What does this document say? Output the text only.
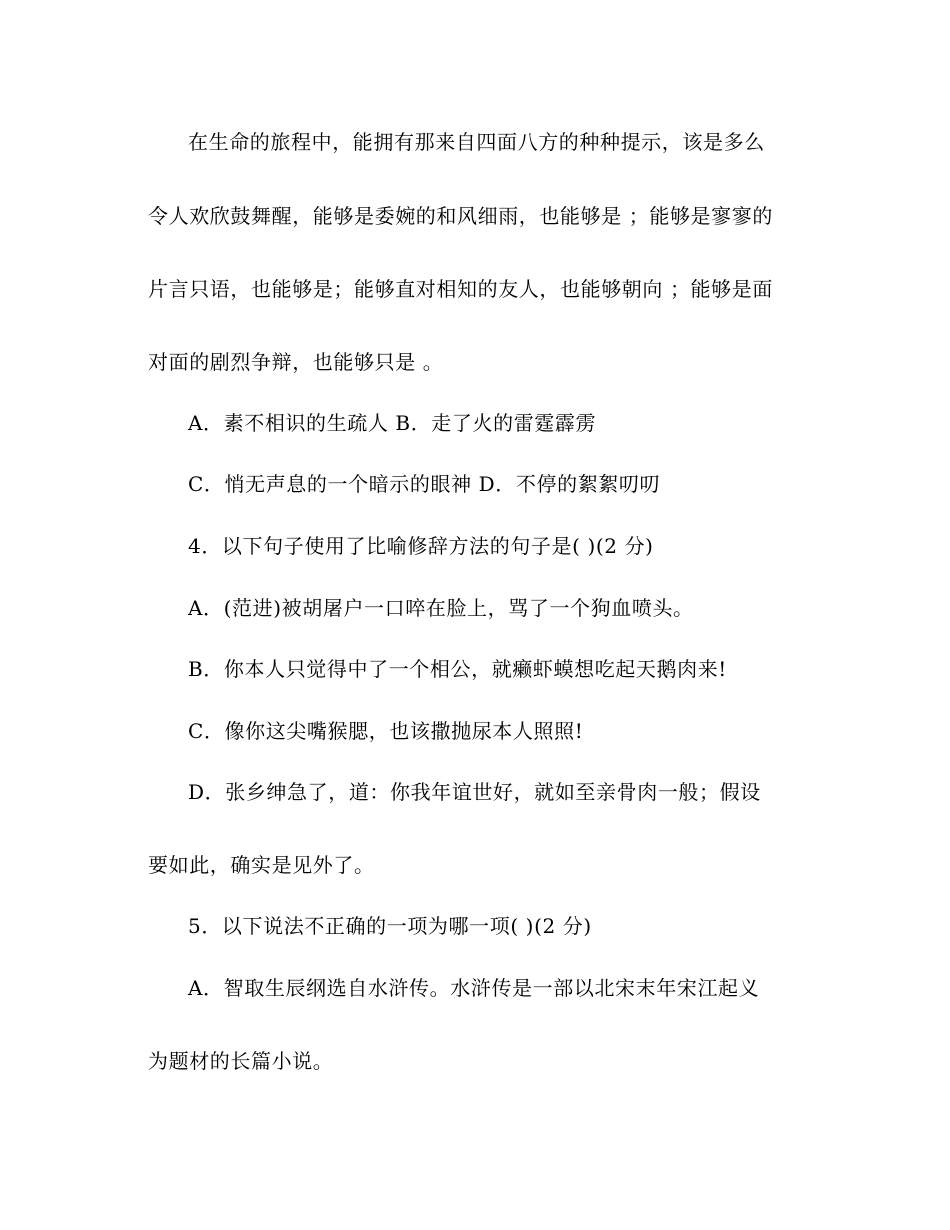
在生命的旅程中，能拥有那来自四面八方的种种提示，该是多么
令人欢欣鼓舞醒，能够是委婉的和风细雨，也能够是 ；能够是寥寥的
片言只语，也能够是；能够直对相知的友人，也能够朝向 ；能够是面
对面的剧烈争辩，也能够只是 。
A．素不相识的生疏人 B．走了火的雷霆霹雳
C．悄无声息的一个暗示的眼神 D．不停的絮絮叨叨
4．以下句子使用了比喻修辞方法的句子是( )(2 分)
A．(范进)被胡屠户一口啐在脸上，骂了一个狗血喷头。
B．你本人只觉得中了一个相公，就癞虾蟆想吃起天鹅肉来!
C．像你这尖嘴猴腮，也该撒抛尿本人照照!
D．张乡绅急了，道：你我年谊世好，就如至亲骨肉一般；假设
要如此，确实是见外了。
5．以下说法不正确的一项为哪一项( )(2 分)
A．智取生辰纲选自水浒传。水浒传是一部以北宋末年宋江起义
为题材的长篇小说。
